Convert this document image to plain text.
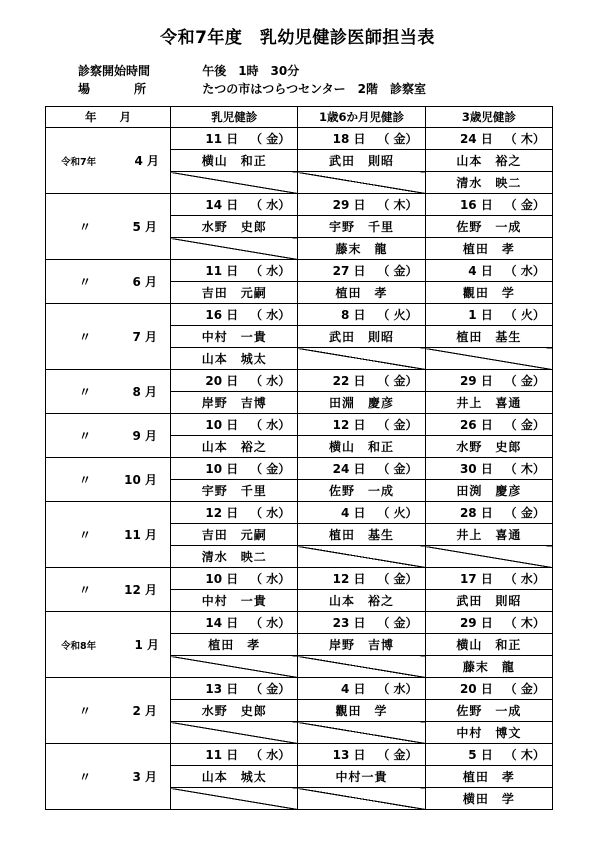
令和7年度　乳幼児健診医師担当表
診察開始時間	午後　1時　30分
場	所	たつの市はつらつセンター　2階　診察室
年　　月	乳児健診	1歳6か月児健診	3歳児健診
令和7年 4 月	11 日 （ 金）	18 日 （ 金）	24 日 （ 木）
	横山　和正	武田　則昭	山本　裕之
			清水　映二
〃 5 月	14 日 （ 水）	29 日 （ 木）	16 日 （ 金）
	水野　史郎	宇野　千里	佐野　一成
		藤末　龍	植田　孝
〃 6 月	11 日 （ 水）	27 日 （ 金）	4 日 （ 水）
	吉田　元嗣	植田　孝	觀田　学
〃 7 月	16 日 （ 水）	8 日 （ 火）	1 日 （ 火）
	中村　一貴	武田　則昭	植田　基生
	山本　城太		
〃 8 月	20 日 （ 水）	22 日 （ 金）	29 日 （ 金）
	岸野　吉博	田淵　慶彦	井上　喜通
〃 9 月	10 日 （ 水）	12 日 （ 金）	26 日 （ 金）
	山本　裕之	横山　和正	水野　史郎
〃 10 月	10 日 （ 金）	24 日 （ 金）	30 日 （ 木）
	宇野　千里	佐野　一成	田渕　慶彦
〃 11 月	12 日 （ 水）	4 日 （ 火）	28 日 （ 金）
	吉田　元嗣	植田　基生	井上　喜通
	清水　映二		
〃 12 月	10 日 （ 水）	12 日 （ 金）	17 日 （ 水）
	中村　一貴	山本　裕之	武田　則昭
令和8年 1 月	14 日 （ 水）	23 日 （ 金）	29 日 （ 木）
	植田　孝	岸野　吉博	横山　和正
			藤末　龍
〃 2 月	13 日 （ 金）	4 日 （ 水）	20 日 （ 金）
	水野　史郎	觀田　学	佐野　一成
			中村　博文
〃 3 月	11 日 （ 水）	13 日 （ 金）	5 日 （ 木）
	山本　城太	中村一貴	植田　孝
			横田　学
